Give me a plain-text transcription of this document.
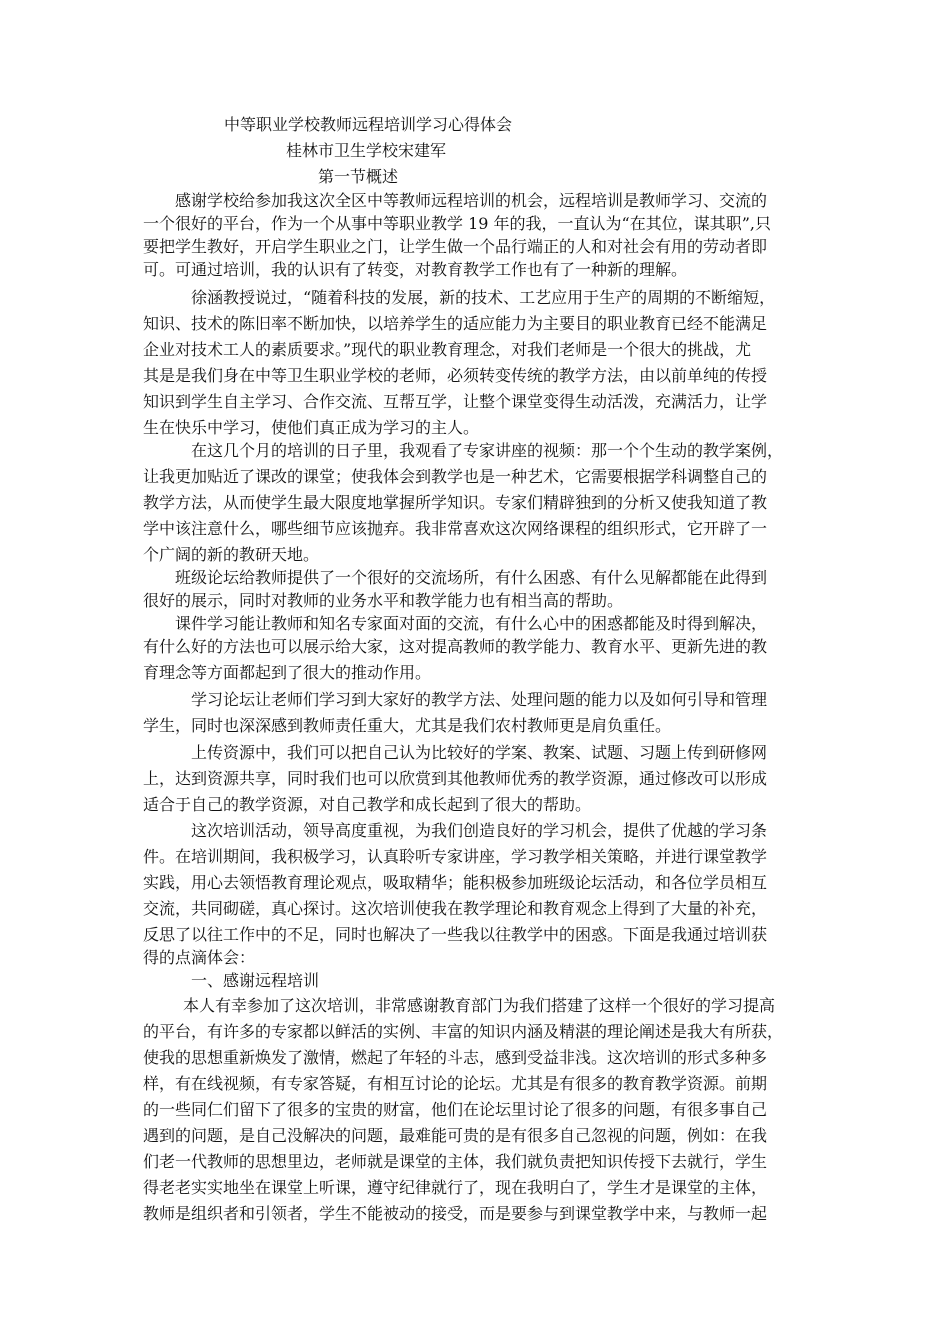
中等职业学校教师远程培训学习心得体会
桂林市卫生学校宋建军
第一节概述
感谢学校给参加我这次全区中等教师远程培训的机会，远程培训是教师学习、交流的
一个很好的平台，作为一个从事中等职业教学 19 年的我，一直认为“在其位，谋其职”,只
要把学生教好，开启学生职业之门，让学生做一个品行端正的人和对社会有用的劳动者即
可。可通过培训，我的认识有了转变，对教育教学工作也有了一种新的理解。
徐涵教授说过，“随着科技的发展，新的技术、工艺应用于生产的周期的不断缩短，
知识、技术的陈旧率不断加快，以培养学生的适应能力为主要目的职业教育已经不能满足
企业对技术工人的素质要求。”现代的职业教育理念，对我们老师是一个很大的挑战，尤
其是是我们身在中等卫生职业学校的老师，必须转变传统的教学方法，由以前单纯的传授
知识到学生自主学习、合作交流、互帮互学，让整个课堂变得生动活泼，充满活力，让学
生在快乐中学习，使他们真正成为学习的主人。
在这几个月的培训的日子里，我观看了专家讲座的视频：那一个个生动的教学案例，
让我更加贴近了课改的课堂；使我体会到教学也是一种艺术，它需要根据学科调整自己的
教学方法，从而使学生最大限度地掌握所学知识。专家们精辟独到的分析又使我知道了教
学中该注意什么，哪些细节应该抛弃。我非常喜欢这次网络课程的组织形式，它开辟了一
个广阔的新的教研天地。
班级论坛给教师提供了一个很好的交流场所，有什么困惑、有什么见解都能在此得到
很好的展示，同时对教师的业务水平和教学能力也有相当高的帮助。
课件学习能让教师和知名专家面对面的交流，有什么心中的困惑都能及时得到解决，
有什么好的方法也可以展示给大家，这对提高教师的教学能力、教育水平、更新先进的教
育理念等方面都起到了很大的推动作用。
学习论坛让老师们学习到大家好的教学方法、处理问题的能力以及如何引导和管理
学生，同时也深深感到教师责任重大，尤其是我们农村教师更是肩负重任。
上传资源中，我们可以把自己认为比较好的学案、教案、试题、习题上传到研修网
上，达到资源共享，同时我们也可以欣赏到其他教师优秀的教学资源，通过修改可以形成
适合于自己的教学资源，对自己教学和成长起到了很大的帮助。
这次培训活动，领导高度重视，为我们创造良好的学习机会，提供了优越的学习条
件。在培训期间，我积极学习，认真聆听专家讲座，学习教学相关策略，并进行课堂教学
实践，用心去领悟教育理论观点，吸取精华；能积极参加班级论坛活动，和各位学员相互
交流，共同砌磋，真心探讨。这次培训使我在教学理论和教育观念上得到了大量的补充，
反思了以往工作中的不足，同时也解决了一些我以往教学中的困惑。下面是我通过培训获
得的点滴体会：
一、感谢远程培训
本人有幸参加了这次培训，非常感谢教育部门为我们搭建了这样一个很好的学习提高
的平台，有许多的专家都以鲜活的实例、丰富的知识内涵及精湛的理论阐述是我大有所获，
使我的思想重新焕发了激情，燃起了年轻的斗志，感到受益非浅。这次培训的形式多种多
样，有在线视频，有专家答疑，有相互讨论的论坛。尤其是有很多的教育教学资源。前期
的一些同仁们留下了很多的宝贵的财富，他们在论坛里讨论了很多的问题，有很多事自己
遇到的问题，是自己没解决的问题，最难能可贵的是有很多自己忽视的问题，例如：在我
们老一代教师的思想里边，老师就是课堂的主体，我们就负责把知识传授下去就行，学生
得老老实实地坐在课堂上听课，遵守纪律就行了，现在我明白了，学生才是课堂的主体，
教师是组织者和引领者，学生不能被动的接受，而是要参与到课堂教学中来，与教师一起
